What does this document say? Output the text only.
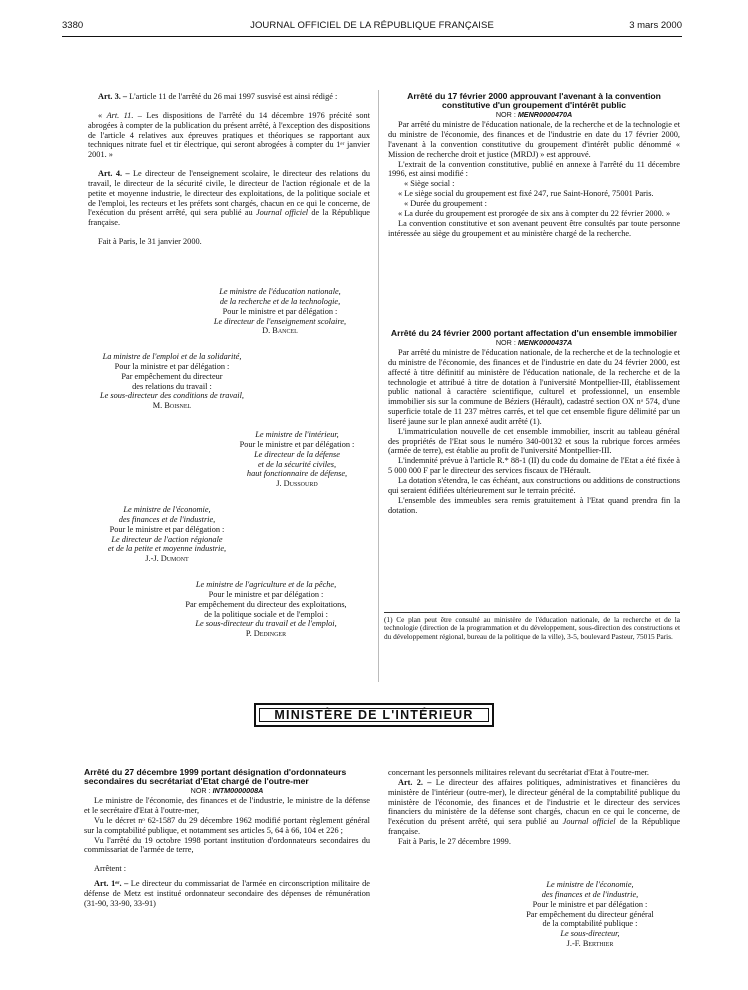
3380	JOURNAL OFFICIEL DE LA RÉPUBLIQUE FRANÇAISE	3 mars 2000

Art. 3. – L'article 11 de l'arrêté du 26 mai 1997 susvisé est ainsi rédigé :

« Art. 11. – Les dispositions de l'arrêté du 14 décembre 1976 précité sont abrogées à compter de la publication du présent arrêté, à l'exception des dispositions de l'article 4 relatives aux épreuves pratiques et théoriques se rapportant aux techniques nitrate fuel et tir électrique, qui seront abrogées à compter du 1ᵉʳ janvier 2001. »

Art. 4. – Le directeur de l'enseignement scolaire, le directeur des relations du travail, le directeur de la sécurité civile, le directeur de l'action régionale et de la petite et moyenne industrie, le directeur des exploitations, de la politique sociale et de l'emploi, les recteurs et les préfets sont chargés, chacun en ce qui le concerne, de l'exécution du présent arrêté, qui sera publié au Journal officiel de la République française.

Fait à Paris, le 31 janvier 2000.

Le ministre de l'éducation nationale,
de la recherche et de la technologie,
Pour le ministre et par délégation :
Le directeur de l'enseignement scolaire,
D. Bancel
La ministre de l'emploi et de la solidarité,
Pour la ministre et par délégation :
Par empêchement du directeur
des relations du travail :
Le sous-directeur des conditions de travail,
M. Boisnel
Le ministre de l'intérieur,
Pour le ministre et par délégation :
Le directeur de la défense
et de la sécurité civiles,
haut fonctionnaire de défense,
J. Dussourd
Le ministre de l'économie,
des finances et de l'industrie,
Pour le ministre et par délégation :
Le directeur de l'action régionale
et de la petite et moyenne industrie,
J.-J. Dumont
Le ministre de l'agriculture et de la pêche,
Pour le ministre et par délégation :
Par empêchement du directeur des exploitations,
de la politique sociale et de l'emploi :
Le sous-directeur du travail et de l'emploi,
P. Dedinger

Arrêté du 17 février 2000 approuvant l'avenant à la convention constitutive d'un groupement d'intérêt public

NOR : MENR0000470A

Par arrêté du ministre de l'éducation nationale, de la recherche et de la technologie et du ministre de l'économie, des finances et de l'industrie en date du 17 février 2000, l'avenant à la convention constitutive du groupement d'intérêt public dénommé « Mission de recherche droit et justice (MRDJ) » est approuvé.

L'extrait de la convention constitutive, publié en annexe à l'arrêté du 11 décembre 1996, est ainsi modifié :

« Siège social :

« Le siège social du groupement est fixé 247, rue Saint-Honoré, 75001 Paris.

« Durée du groupement :

« La durée du groupement est prorogée de six ans à compter du 22 février 2000. »

La convention constitutive et son avenant peuvent être consultés par toute personne intéressée au siège du groupement et au ministère chargé de la recherche.

Arrêté du 24 février 2000 portant affectation d'un ensemble immobilier

NOR : MENK0000437A

Par arrêté du ministre de l'éducation nationale, de la recherche et de la technologie et du ministre de l'économie, des finances et de l'industrie en date du 24 février 2000, est affecté à titre définitif au ministère de l'éducation nationale, de la recherche et de la technologie et attribué à titre de dotation à l'université Montpellier-III, établissement public national à caractère scientifique, culturel et professionnel, un ensemble immobilier sis sur la commune de Béziers (Hérault), cadastré section OX nᵒ 574, d'une superficie totale de 11 237 mètres carrés, et tel que cet ensemble figure délimité par un liseré jaune sur le plan annexé audit arrêté (1).

L'immatriculation nouvelle de cet ensemble immobilier, inscrit au tableau général des propriétés de l'Etat sous le numéro 340-00132 et sous la rubrique forces armées (armée de terre), est établie au profit de l'université Montpellier-III.

L'indemnité prévue à l'article R.* 88-1 (II) du code du domaine de l'Etat a été fixée à 5 000 000 F par le directeur des services fiscaux de l'Hérault.

La dotation s'étendra, le cas échéant, aux constructions ou additions de constructions qui seraient édifiées ultérieurement sur le terrain précité.

L'ensemble des immeubles sera remis gratuitement à l'Etat quand prendra fin la dotation.

(1) Ce plan peut être consulté au ministère de l'éducation nationale, de la recherche et de la technologie (direction de la programmation et du développement, sous-direction des constructions et du développement régional, bureau de la politique de la ville), 3-5, boulevard Pasteur, 75015 Paris.
MINISTÈRE DE L'INTÉRIEUR

Arrêté du 27 décembre 1999 portant désignation d'ordonnateurs secondaires du secrétariat d'Etat chargé de l'outre-mer

NOR : INTM0000008A

Le ministre de l'économie, des finances et de l'industrie, le ministre de la défense et le secrétaire d'Etat à l'outre-mer,

Vu le décret nᵒ 62-1587 du 29 décembre 1962 modifié portant règlement général sur la comptabilité publique, et notamment ses articles 5, 64 à 66, 104 et 226 ;

Vu l'arrêté du 19 octobre 1998 portant institution d'ordonnateurs secondaires du commissariat de l'armée de terre,

Arrêtent :

Art. 1ᵉʳ. – Le directeur du commissariat de l'armée en circonscription militaire de défense de Metz est institué ordonnateur secondaire des dépenses de rémunération (31-90, 33-90, 33-91)

concernant les personnels militaires relevant du secrétariat d'Etat à l'outre-mer.

Art. 2. – Le directeur des affaires politiques, administratives et financières du ministère de l'intérieur (outre-mer), le directeur général de la comptabilité publique du ministère de l'économie, des finances et de l'industrie et le directeur des services financiers du ministère de la défense sont chargés, chacun en ce qui le concerne, de l'exécution du présent arrêté, qui sera publié au Journal officiel de la République française.

Fait à Paris, le 27 décembre 1999.

Le ministre de l'économie,
des finances et de l'industrie,
Pour le ministre et par délégation :
Par empêchement du directeur général
de la comptabilité publique :
Le sous-directeur,
J.-F. Berthier
